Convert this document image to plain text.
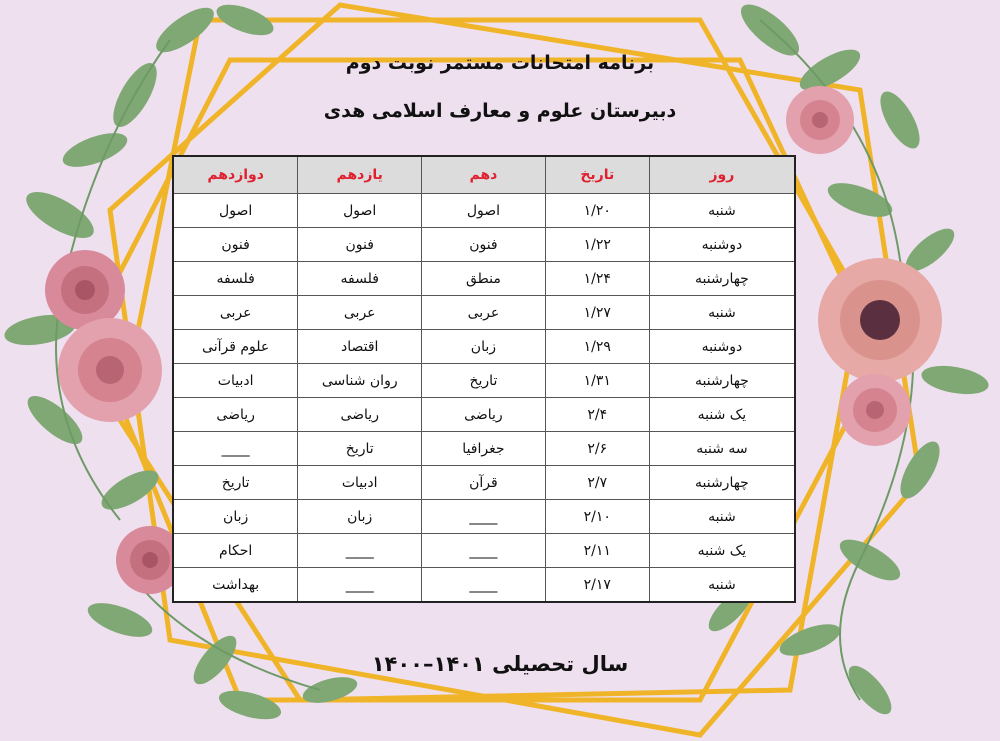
برنامه امتحانات مستمر نوبت دوم
دبیرستان علوم و معارف اسلامی هدی
روز	تاریخ	دهم	یازدهم	دوازدهم
شنبه	۱/۲۰	اصول	اصول	اصول
دوشنبه	۱/۲۲	فنون	فنون	فنون
چهارشنبه	۱/۲۴	منطق	فلسفه	فلسفه
شنبه	۱/۲۷	عربی	عربی	عربی
دوشنبه	۱/۲۹	زبان	اقتصاد	علوم قرآنی
چهارشنبه	۱/۳۱	تاریخ	روان شناسی	ادبیات
یک شنبه	۲/۴	ریاضی	ریاضی	ریاضی
سه شنبه	۲/۶	جغرافیا	تاریخ	____
چهارشنبه	۲/۷	قرآن	ادبیات	تاریخ
شنبه	۲/۱۰	____	زبان	زبان
یک شنبه	۲/۱۱	____	____	احکام
شنبه	۲/۱۷	____	____	بهداشت
سال تحصیلی ۱۴۰۱–۱۴۰۰
